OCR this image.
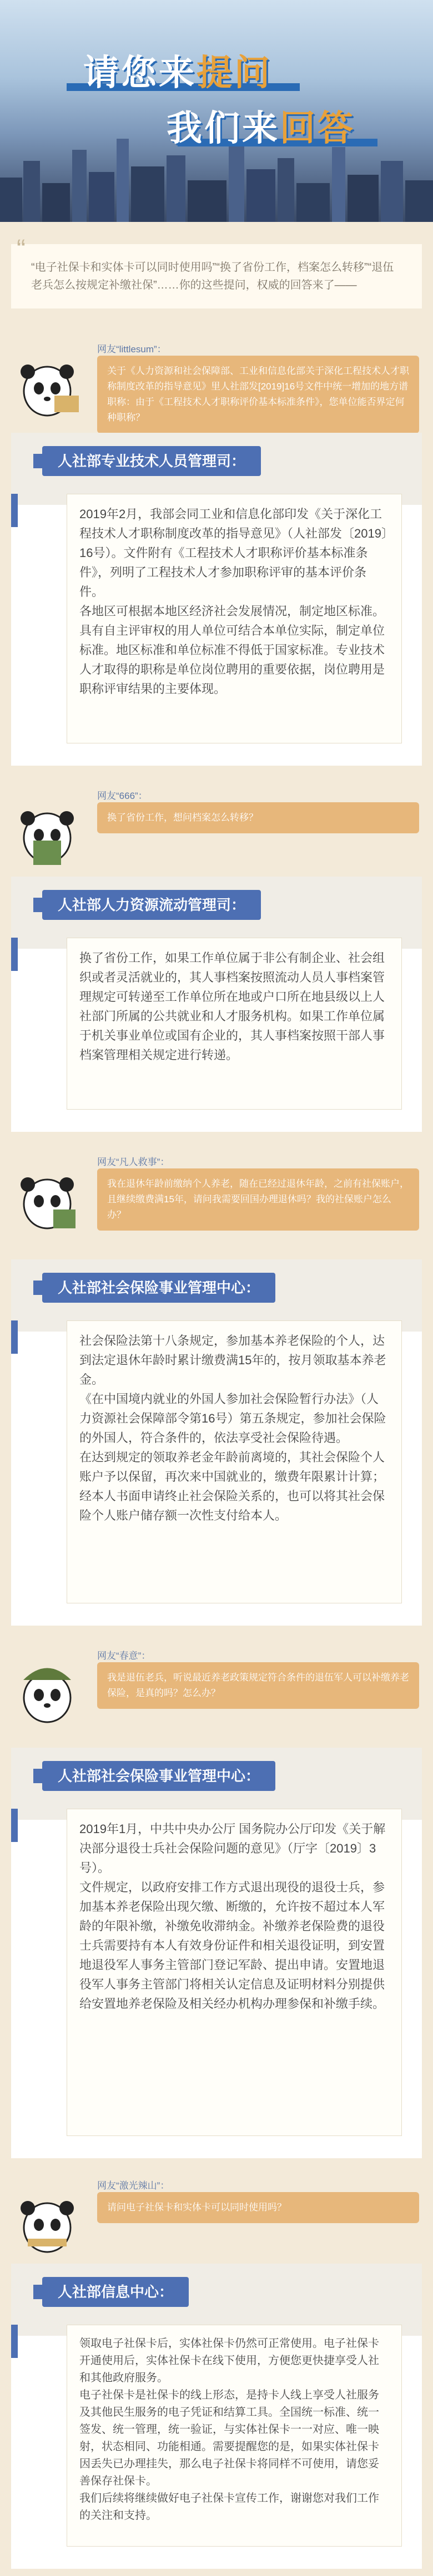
请您来提问
我们来回答
“ “电子社保卡和实体卡可以同时使用吗”“换了省份工作，档案怎么转移”“退伍老兵怎么按规定补缴社保”……你的这些提问，权威的回答来了——
网友“littlesum”：
关于《人力资源和社会保障部、工业和信息化部关于深化工程技术人才职称制度改革的指导意见》里人社部发[2019]16号文件中统一增加的地方谱职称：由于《工程技术人才职称评价基本标准条件》，您单位能否界定何种职称？
人社部专业技术人员管理司：

2019年2月，我部会同工业和信息化部印发《关于深化工程技术人才职称制度改革的指导意见》（人社部发〔2019〕16号）。文件附有《工程技术人才职称评价基本标准条件》，列明了工程技术人才参加职称评审的基本评价条件。

各地区可根据本地区经济社会发展情况，制定地区标准。具有自主评审权的用人单位可结合本单位实际，制定单位标准。地区标准和单位标准不得低于国家标准。专业技术人才取得的职称是单位岗位聘用的重要依据，岗位聘用是职称评审结果的主要体现。

网友“666”：
换了省份工作，想问档案怎么转移？
人社部人力资源流动管理司：

换了省份工作，如果工作单位属于非公有制企业、社会组织或者灵活就业的，其人事档案按照流动人员人事档案管理规定可转递至工作单位所在地或户口所在地县级以上人社部门所属的公共就业和人才服务机构。如果工作单位属于机关事业单位或国有企业的，其人事档案按照干部人事档案管理相关规定进行转递。

网友“凡人救事”：
我在退休年龄前缴纳个人养老，随在已经过退休年龄，之前有社保账户，且继续缴费满15年，请问我需要回国办理退休吗？我的社保账户怎么办？
人社部社会保险事业管理中心：

社会保险法第十八条规定，参加基本养老保险的个人，达到法定退休年龄时累计缴费满15年的，按月领取基本养老金。

《在中国境内就业的外国人参加社会保险暂行办法》（人力资源社会保障部令第16号）第五条规定，参加社会保险的外国人，符合条件的，依法享受社会保险待遇。

在达到规定的领取养老金年龄前离境的，其社会保险个人账户予以保留，再次来中国就业的，缴费年限累计计算；经本人书面申请终止社会保险关系的，也可以将其社会保险个人账户储存额一次性支付给本人。

网友“春意”：
我是退伍老兵，听说最近养老政策规定符合条件的退伍军人可以补缴养老保险，是真的吗？怎么办？
人社部社会保险事业管理中心：

2019年1月，中共中央办公厅 国务院办公厅印发《关于解决部分退役士兵社会保险问题的意见》（厅字〔2019〕3号）。

文件规定，以政府安排工作方式退出现役的退役士兵，参加基本养老保险出现欠缴、断缴的，允许按不超过本人军龄的年限补缴，补缴免收滞纳金。补缴养老保险费的退役士兵需要持有本人有效身份证件和相关退役证明，到安置地退役军人事务主管部门登记军龄、提出申请。安置地退役军人事务主管部门将相关认定信息及证明材料分别提供给安置地养老保险及相关经办机构办理参保和补缴手续。

网友“激光辣山”：
请问电子社保卡和实体卡可以同时使用吗？
人社部信息中心：

领取电子社保卡后，实体社保卡仍然可正常使用。电子社保卡开通使用后，实体社保卡在线下使用，方便您更快捷享受人社和其他政府服务。

电子社保卡是社保卡的线上形态，是持卡人线上享受人社服务及其他民生服务的电子凭证和结算工具。全国统一标准、统一签发、统一管理，统一验证，与实体社保卡一一对应、唯一映射，状态相同、功能相通。需要提醒您的是，如果实体社保卡因丢失已办理挂失，那么电子社保卡将同样不可使用，请您妥善保存社保卡。

我们后续将继续做好电子社保卡宣传工作，谢谢您对我们工作的关注和支持。
